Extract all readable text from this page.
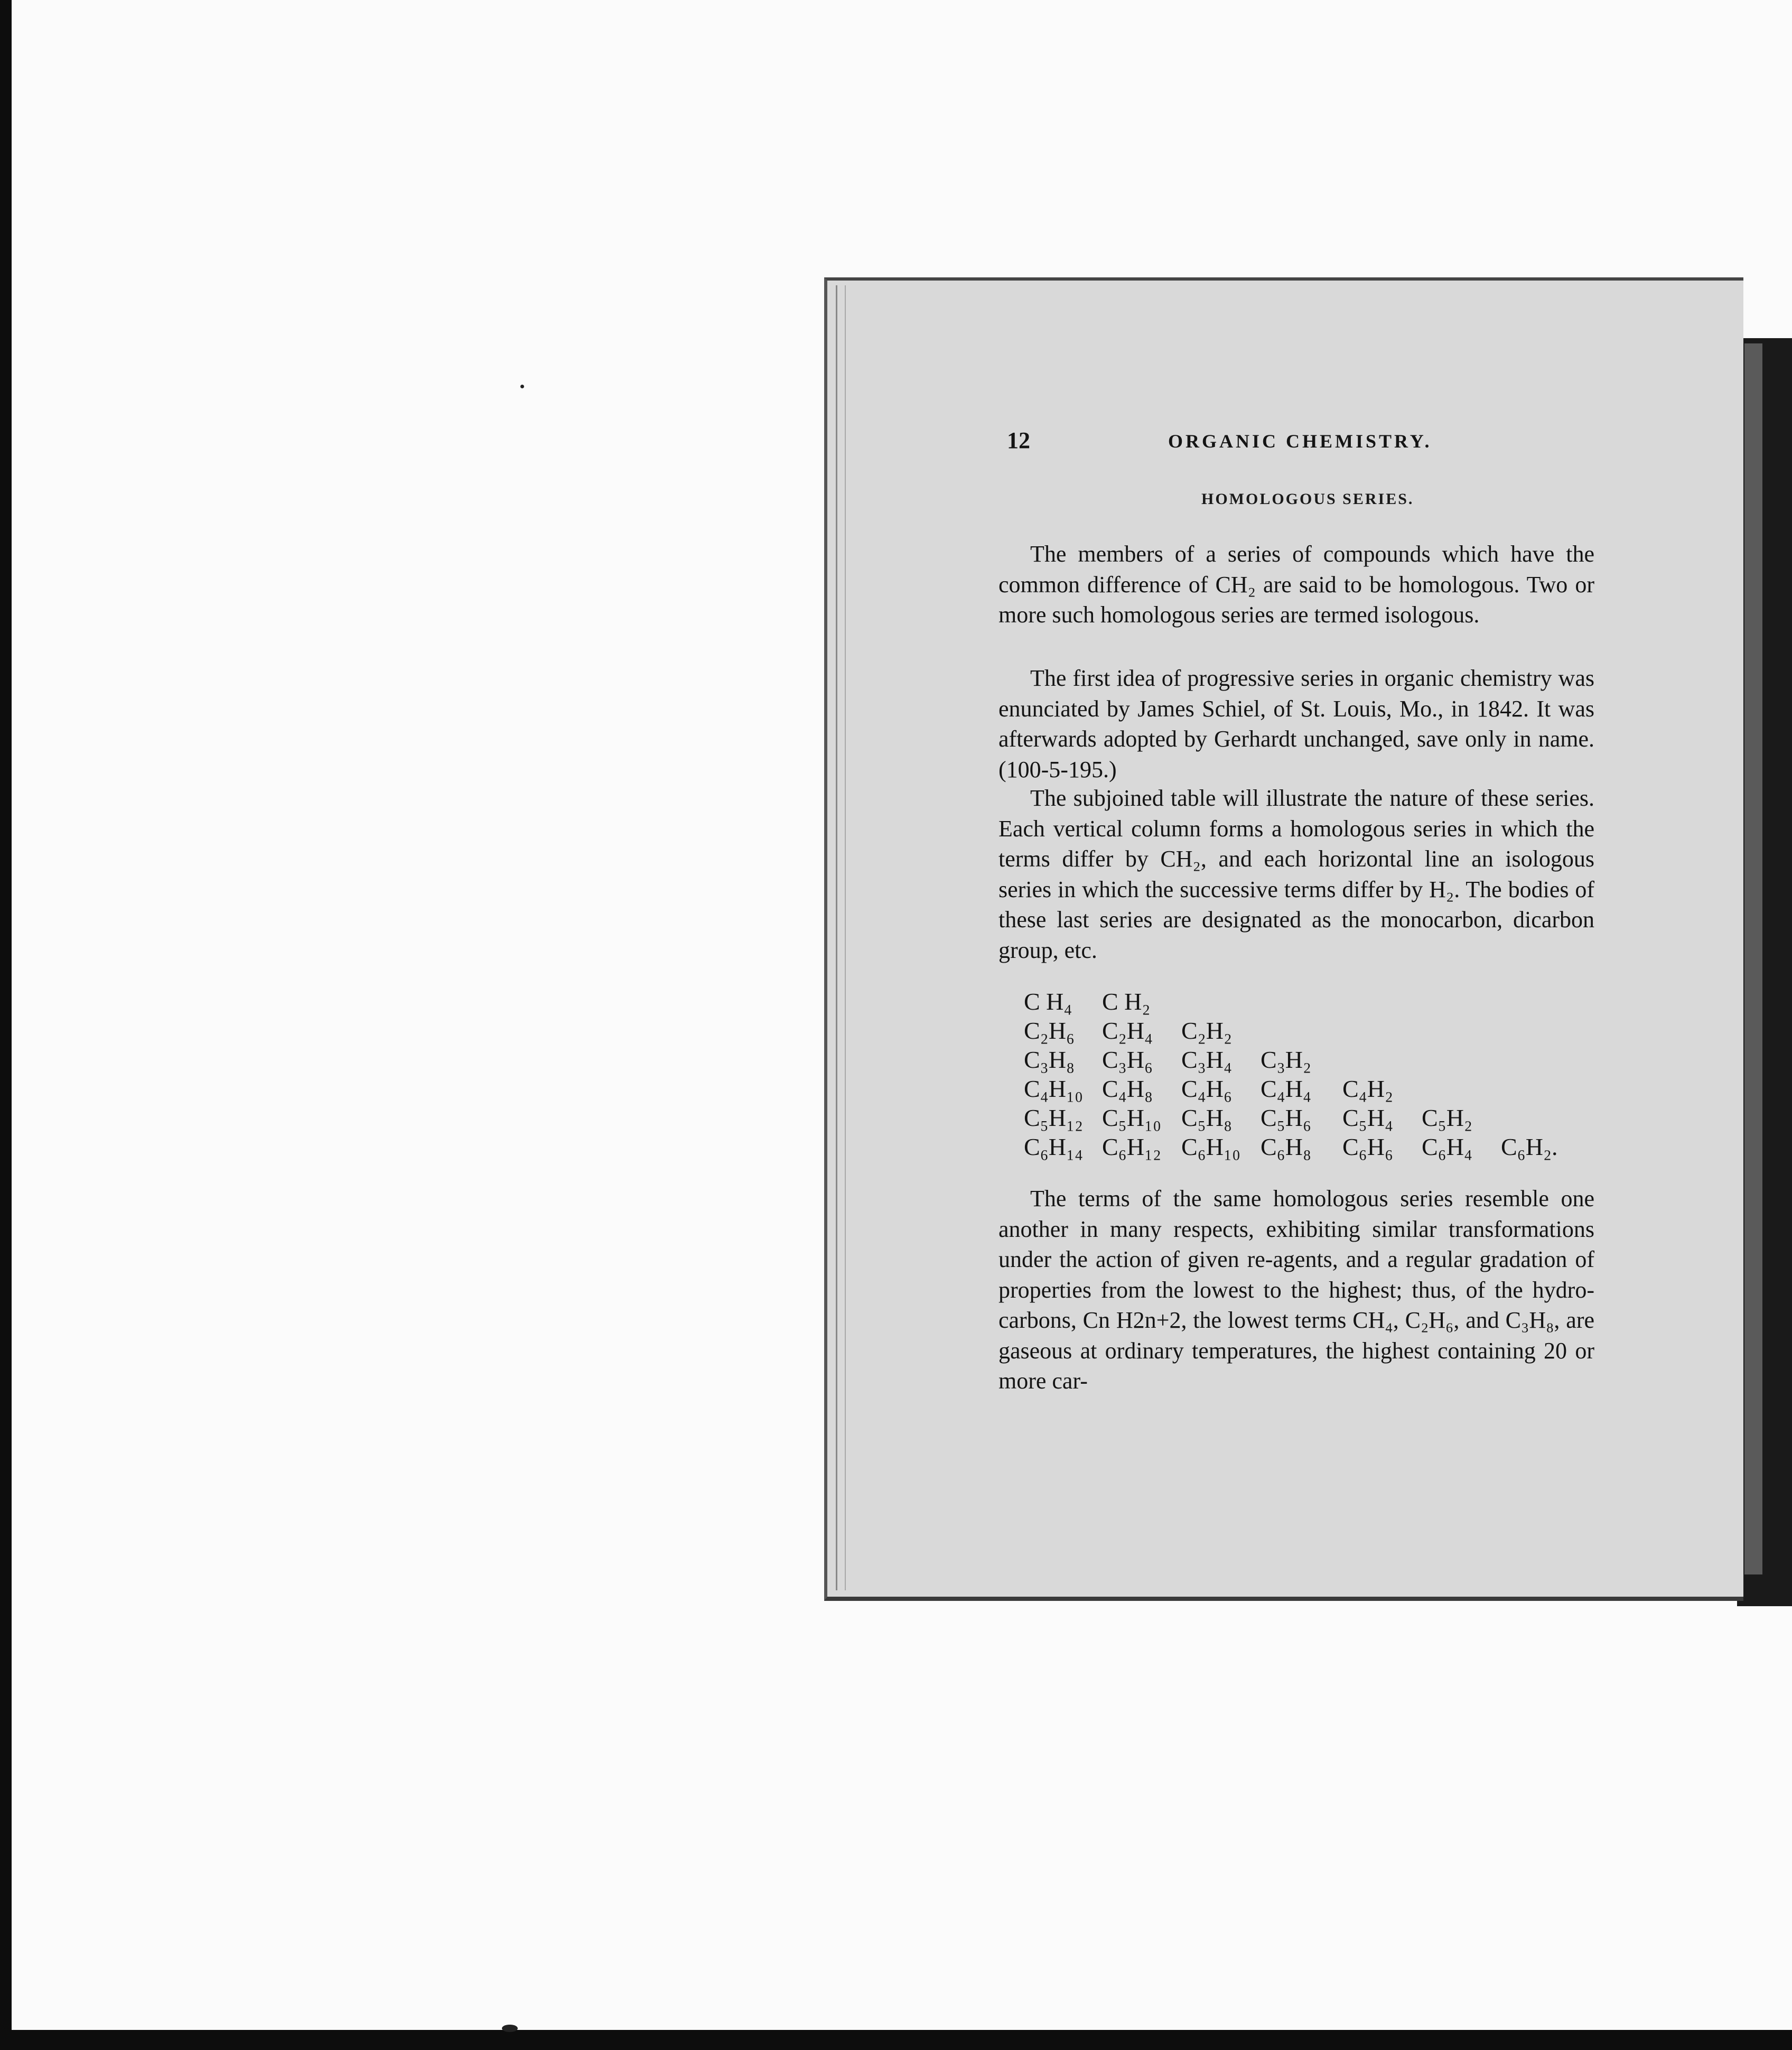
12	ORGANIC CHEMISTRY.
HOMOLOGOUS SERIES.

The members of a series of compounds which have the common difference of CH₂ are said to be homologous. Two or more such homologous series are termed isologous.

The first idea of progressive series in organic chemistry was enunciated by James Schiel, of St. Louis, Mo., in 1842. It was afterwards adopted by Gerhardt unchanged, save only in name. (100-5-195.)

The subjoined table will illustrate the nature of these series. Each vertical column forms a homologous series in which the terms differ by CH₂, and each horizontal line an isologous series in which the successive terms differ by H₂. The bodies of these last series are designated as the monocarbon, dicarbon group, etc.

C H₄	C H₂
C₂H₆	C₂H₄	C₂H₂
C₃H₈	C₃H₆	C₃H₄	C₃H₂
C₄H₁₀ C₄H₈	C₄H₆	C₄H₄	C₄H₂
C₅H₁₂ C₅H₁₀ C₅H₈	C₅H₆	C₅H₄	C₅H₂
C₆H₁₄ C₆H₁₂ C₆H₁₀ C₆H₈	C₆H₆	C₆H₄	C₆H₂.

The terms of the same homologous series resemble one another in many respects, exhibiting similar transformations under the action of given re-agents, and a regular gradation of properties from the lowest to the highest; thus, of the hydro-carbons, Cn H2n+2, the lowest terms CH₄, C₂H₆, and C₃H₈, are gaseous at ordinary temperatures, the highest containing 20 or more car-
